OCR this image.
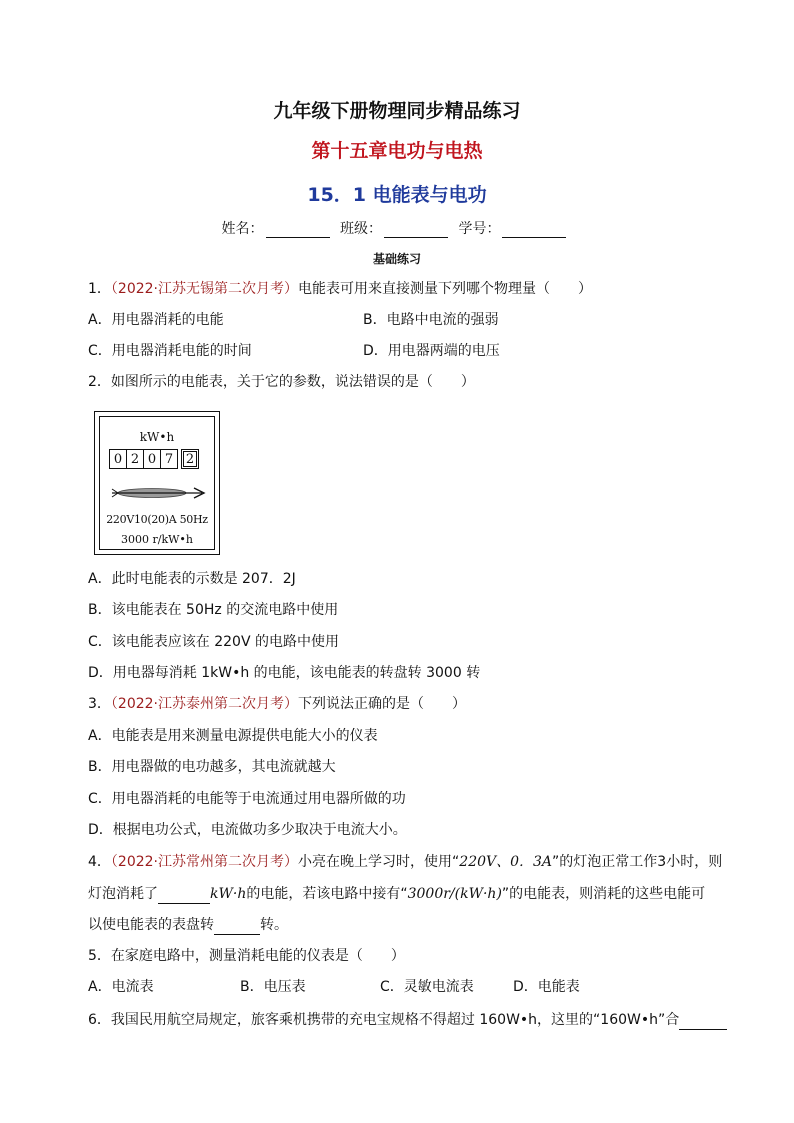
九年级下册物理同步精品练习
第十五章电功与电热
15．1 电能表与电功
姓名：	班级：	学号：
基础练习
1．（2022·江苏无锡第二次月考）电能表可用来直接测量下列哪个物理量（　　）
A．用电器消耗的电能	B．电路中电流的强弱
C．用电器消耗电能的时间	D．用电器两端的电压
2．如图所示的电能表，关于它的参数，说法错误的是（　　）
kW•h
0 2 0 7 2
220V10(20)A 50Hz
3000 r/kW•h
A．此时电能表的示数是 207．2J
B．该电能表在 50Hz 的交流电路中使用
C．该电能表应该在 220V 的电路中使用
D．用电器每消耗 1kW•h 的电能，该电能表的转盘转 3000 转
3．（2022·江苏泰州第二次月考）下列说法正确的是（　　）
A．电能表是用来测量电源提供电能大小的仪表
B．用电器做的电功越多，其电流就越大
C．用电器消耗的电能等于电流通过用电器所做的功
D．根据电功公式，电流做功多少取决于电流大小。
4．（2022·江苏常州第二次月考）小亮在晚上学习时，使用“220V、0．3A”的灯泡正常工作3小时，则
灯泡消耗了	kW·h的电能，若该电路中接有“3000r/(kW·h)”的电能表，则消耗的这些电能可
以使电能表的表盘转	转。
5．在家庭电路中，测量消耗电能的仪表是（　　）
A．电流表	B．电压表	C．灵敏电流表	D．电能表
6．我国民用航空局规定，旅客乘机携带的充电宝规格不得超过 160W•h，这里的“160W•h”合
